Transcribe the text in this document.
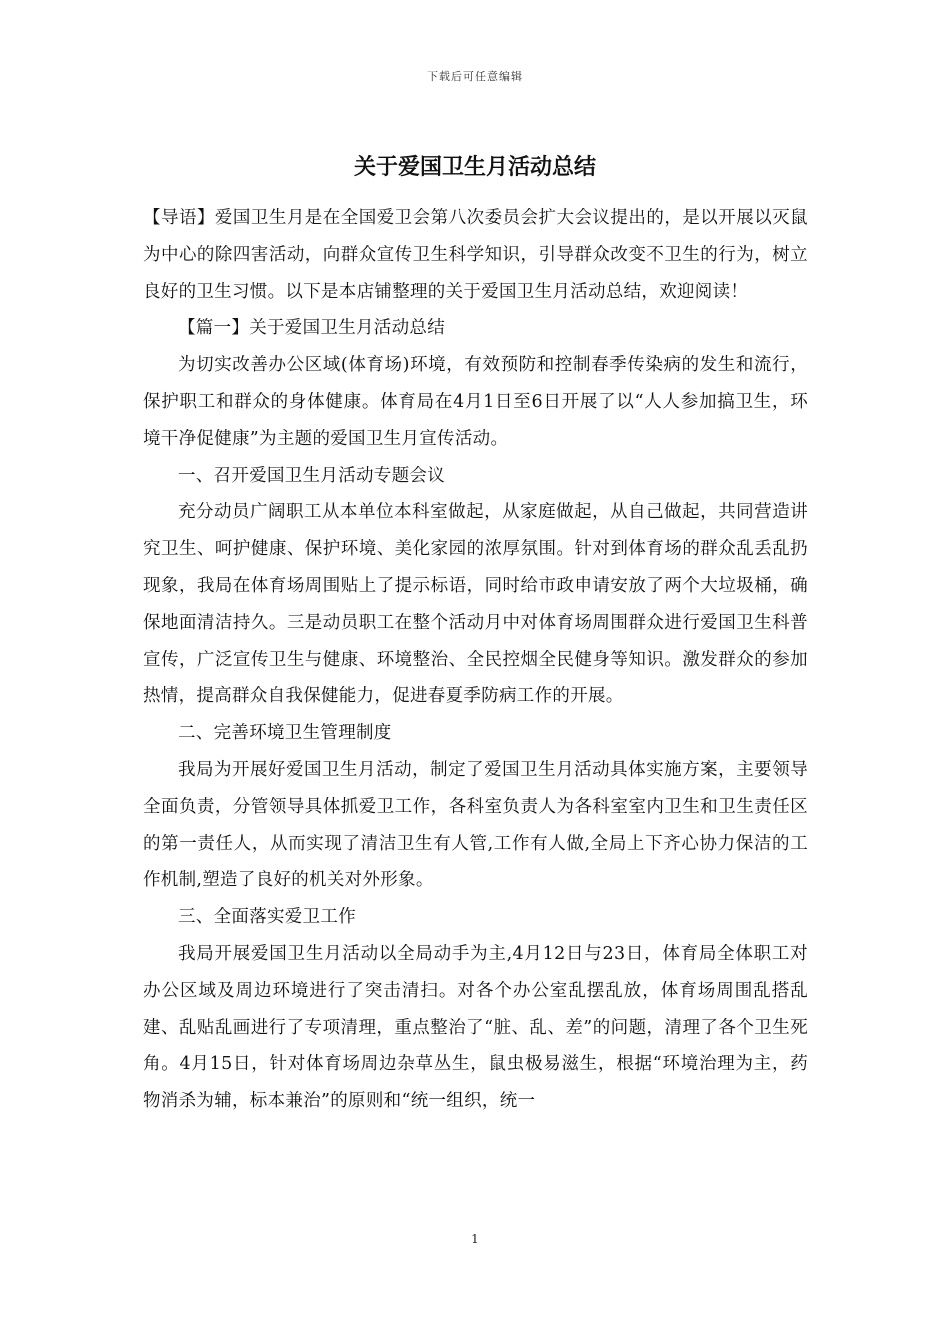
下载后可任意编辑
关于爱国卫生月活动总结

【导语】爱国卫生月是在全国爱卫会第八次委员会扩大会议提出的，是以开展以灭鼠为中心的除四害活动，向群众宣传卫生科学知识，引导群众改变不卫生的行为，树立良好的卫生习惯。以下是本店铺整理的关于爱国卫生月活动总结，欢迎阅读！

【篇一】关于爱国卫生月活动总结

为切实改善办公区域(体育场)环境，有效预防和控制春季传染病的发生和流行，保护职工和群众的身体健康。体育局在4月1日至6日开展了以“人人参加搞卫生，环境干净促健康”为主题的爱国卫生月宣传活动。

一、召开爱国卫生月活动专题会议

充分动员广阔职工从本单位本科室做起，从家庭做起，从自己做起，共同营造讲究卫生、呵护健康、保护环境、美化家园的浓厚氛围。针对到体育场的群众乱丢乱扔现象，我局在体育场周围贴上了提示标语，同时给市政申请安放了两个大垃圾桶，确保地面清洁持久。三是动员职工在整个活动月中对体育场周围群众进行爱国卫生科普宣传，广泛宣传卫生与健康、环境整治、全民控烟全民健身等知识。激发群众的参加热情，提高群众自我保健能力，促进春夏季防病工作的开展。

二、完善环境卫生管理制度

我局为开展好爱国卫生月活动，制定了爱国卫生月活动具体实施方案，主要领导全面负责，分管领导具体抓爱卫工作，各科室负责人为各科室室内卫生和卫生责任区的第一责任人，从而实现了清洁卫生有人管,工作有人做,全局上下齐心协力保洁的工作机制,塑造了良好的机关对外形象。

三、全面落实爱卫工作

我局开展爱国卫生月活动以全局动手为主,4月12日与23日，体育局全体职工对办公区域及周边环境进行了突击清扫。对各个办公室乱摆乱放，体育场周围乱搭乱建、乱贴乱画进行了专项清理，重点整治了“脏、乱、差”的问题，清理了各个卫生死角。4月15日，针对体育场周边杂草丛生，鼠虫极易滋生，根据“环境治理为主，药物消杀为辅，标本兼治”的原则和“统一组织，统一

1
